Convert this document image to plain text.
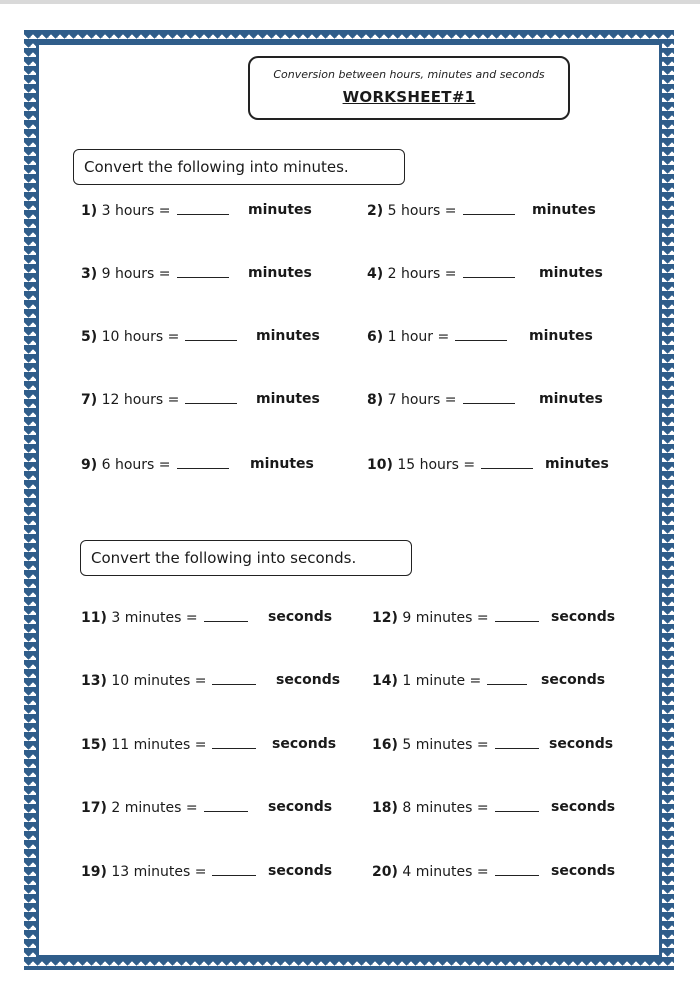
Conversion between hours, minutes and seconds
WORKSHEET#1
Convert the following into minutes.
1) 3 hours =	minutes	2) 5 hours =	minutes
3) 9 hours =	minutes	4) 2 hours =	minutes
5) 10 hours =	minutes	6) 1 hour =	minutes
7) 12 hours =	minutes	8) 7 hours =	minutes
9) 6 hours =	minutes	10) 15 hours =	minutes
Convert the following into seconds.
11) 3 minutes =	seconds	12) 9 minutes =	seconds
13) 10 minutes =	seconds 14) 1 minute =	seconds
15) 11 minutes =	seconds	16) 5 minutes =	seconds
17) 2 minutes =	seconds	18) 8 minutes =	seconds
19) 13 minutes =	seconds	20) 4 minutes =	seconds
